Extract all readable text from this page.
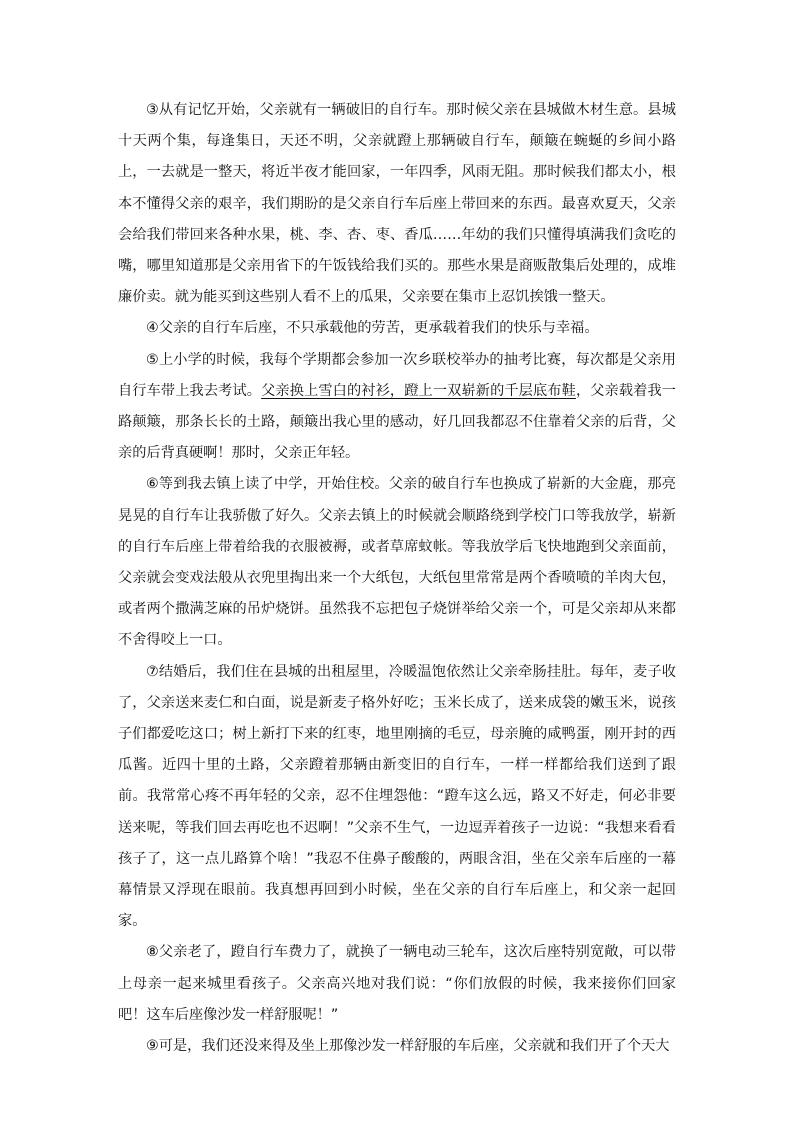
③从有记忆开始，父亲就有一辆破旧的自行车。那时候父亲在县城做木材生意。县城十天两个集，每逢集日，天还不明，父亲就蹬上那辆破自行车，颠簸在蜿蜒的乡间小路上，一去就是一整天，将近半夜才能回家，一年四季，风雨无阻。那时候我们都太小，根本不懂得父亲的艰辛，我们期盼的是父亲自行车后座上带回来的东西。最喜欢夏天，父亲会给我们带回来各种水果，桃、李、杏、枣、香瓜……年幼的我们只懂得填满我们贪吃的嘴，哪里知道那是父亲用省下的午饭钱给我们买的。那些水果是商贩散集后处理的，成堆廉价卖。就为能买到这些别人看不上的瓜果，父亲要在集市上忍饥挨饿一整天。

④父亲的自行车后座，不只承载他的劳苦，更承载着我们的快乐与幸福。

⑤上小学的时候，我每个学期都会参加一次乡联校举办的抽考比赛，每次都是父亲用自行车带上我去考试。父亲换上雪白的衬衫，蹬上一双崭新的千层底布鞋，父亲载着我一路颠簸，那条长长的土路，颠簸出我心里的感动，好几回我都忍不住靠着父亲的后背，父亲的后背真硬啊！那时，父亲正年轻。

⑥等到我去镇上读了中学，开始住校。父亲的破自行车也换成了崭新的大金鹿，那亮晃晃的自行车让我骄傲了好久。父亲去镇上的时候就会顺路绕到学校门口等我放学，崭新的自行车后座上带着给我的衣服被褥，或者草席蚊帐。等我放学后飞快地跑到父亲面前，父亲就会变戏法般从衣兜里掏出来一个大纸包，大纸包里常常是两个香喷喷的羊肉大包，或者两个撒满芝麻的吊炉烧饼。虽然我不忘把包子烧饼举给父亲一个，可是父亲却从来都不舍得咬上一口。

⑦结婚后，我们住在县城的出租屋里，冷暖温饱依然让父亲牵肠挂肚。每年，麦子收了，父亲送来麦仁和白面，说是新麦子格外好吃；玉米长成了，送来成袋的嫩玉米，说孩子们都爱吃这口；树上新打下来的红枣，地里刚摘的毛豆，母亲腌的咸鸭蛋，刚开封的西瓜酱。近四十里的土路，父亲蹬着那辆由新变旧的自行车，一样一样都给我们送到了跟前。我常常心疼不再年轻的父亲，忍不住埋怨他：“蹬车这么远，路又不好走，何必非要送来呢，等我们回去再吃也不迟啊！”父亲不生气，一边逗弄着孩子一边说：“我想来看看孩子了，这一点儿路算个啥！”我忍不住鼻子酸酸的，两眼含泪，坐在父亲车后座的一幕幕情景又浮现在眼前。我真想再回到小时候，坐在父亲的自行车后座上，和父亲一起回家。

⑧父亲老了，蹬自行车费力了，就换了一辆电动三轮车，这次后座特别宽敞，可以带上母亲一起来城里看孩子。父亲高兴地对我们说：“你们放假的时候，我来接你们回家吧！这车后座像沙发一样舒服呢！”

⑨可是，我们还没来得及坐上那像沙发一样舒服的车后座，父亲就和我们开了个天大
